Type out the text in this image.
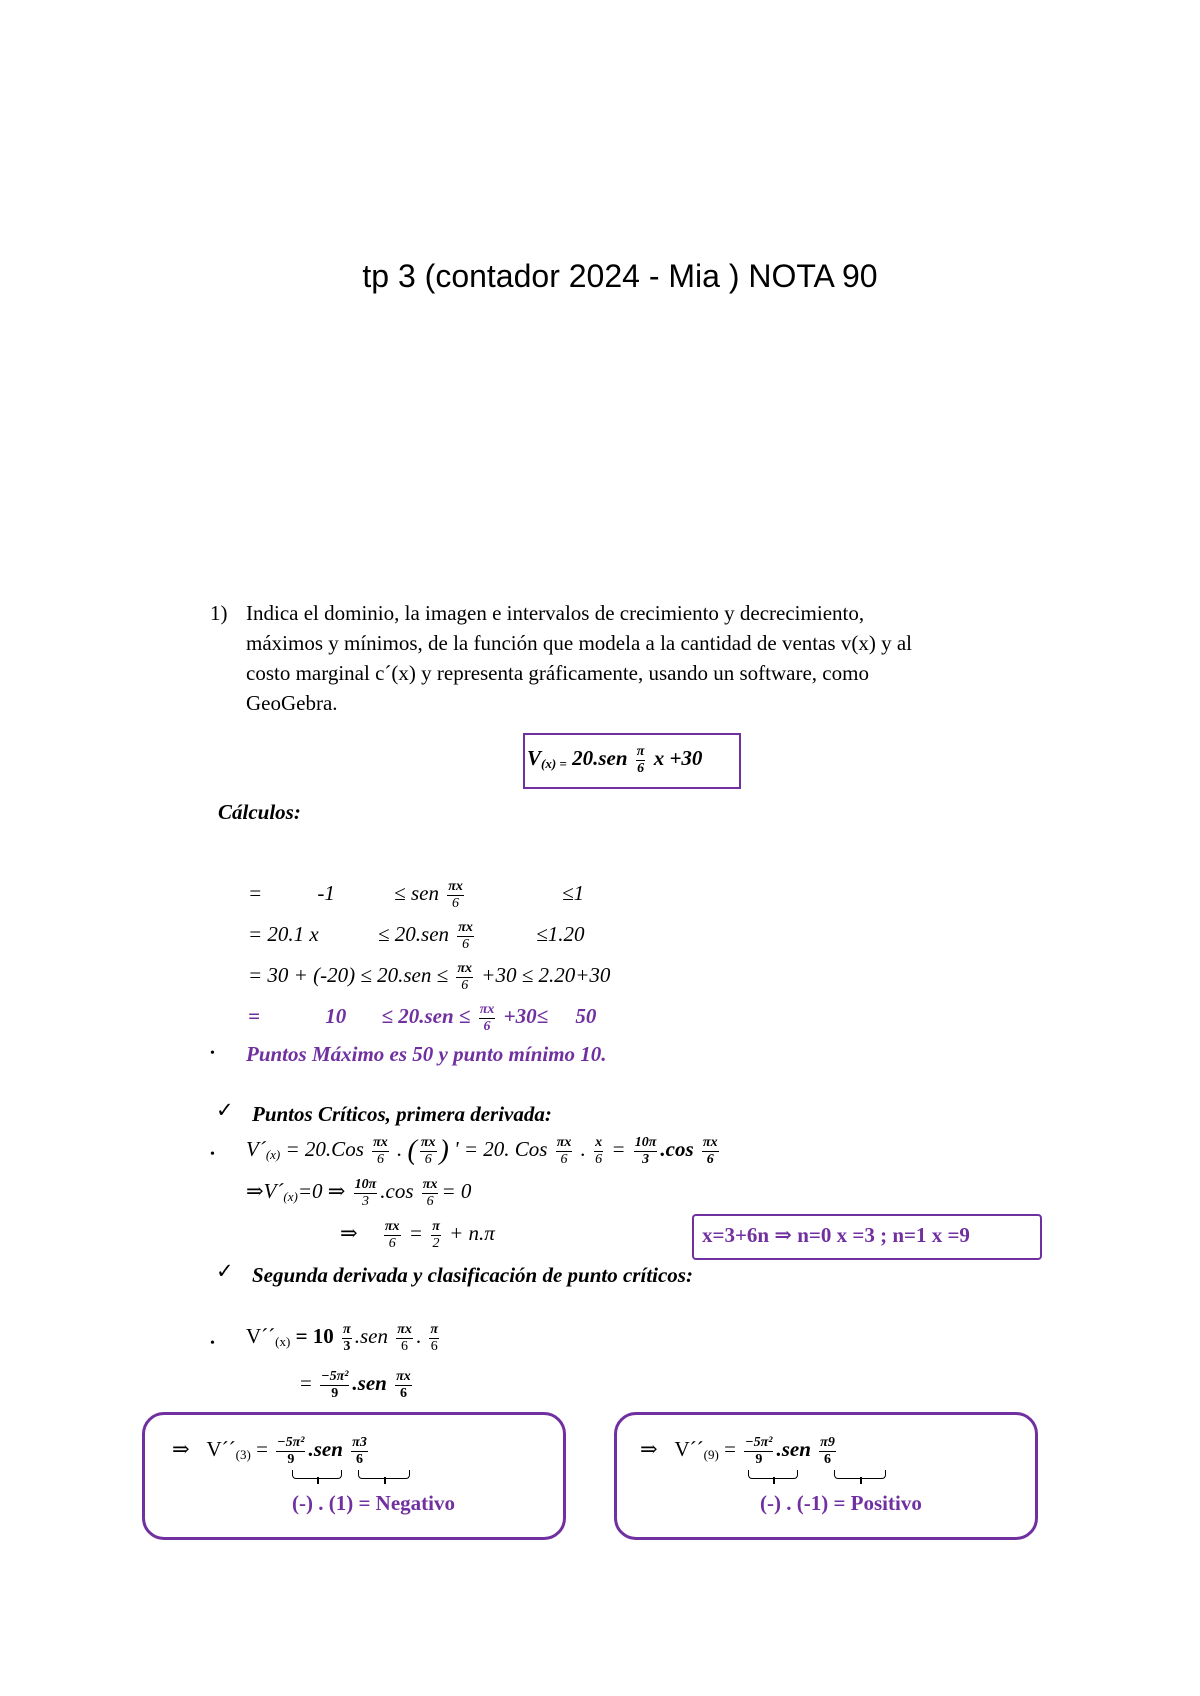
tp 3 (contador 2024 - Mia ) NOTA 90
1) Indica el dominio, la imagen e intervalos de crecimiento y decrecimiento,
máximos y mínimos, de la función que modela a la cantidad de ventas v(x) y al
costo marginal c´(x) y representa gráficamente, usando un software, como
GeoGebra.
$V_{(x) =}$ $20.sen \frac{\pi}{6}$ x +30
Cálculos:
=	-1	≤ sen $\frac{\pi x}{6}$	≤1
= 20.1 x	≤ $20.sen \frac{\pi x}{6}$	≤1.20
= $30 + (-20) \le 20.sen \le \frac{\pi x}{6} +30 \le 2.20+30$
=	$10 \le 20.sen \le \frac{\pi x}{6} +30\le 50$
• Puntos Máximo es 50 y punto mínimo 10.
✓ Puntos Críticos, primera derivada:
• $V´_{(x)} = 20.Cos \frac{\pi x}{6}$ . ( $\frac{\pi x}{6}$ ) ' = 20. Cos $\frac{\pi x}{6}$ . $\frac{x}{6} = \frac{10\pi}{3} .\cos \frac{\pi x}{6}$
$\Rightarrow V´_{(x)}=0$ ⇒ $\frac{10\pi}{3} .\cos \frac{\pi x}{6} = 0$
⇒ $\frac{\pi x}{6} = \frac{\pi}{2} + n.\pi$	x=3+6n ⇒ n=0 x =3 ; n=1 x =9
✓ Segunda derivada y clasificación de punto críticos:
• $V´´_{(x)} = 10 \frac{\pi}{3} .sen \frac{\pi x}{6}$ . $\frac{\pi}{6}$
= $\frac{\text{−5π²}}{9} .sen \frac{\pi x}{6}$
⇒ $V´´_{(3)} = \frac{\text{−5π²}}{9} .sen \frac{\pi 3}{6}$
(-) . (1) = Negativo
⇒ $V´´_{(9)} = \frac{\text{−5π²}}{9} .sen \frac{\pi 9}{6}$
(-) . (-1) = Positivo
